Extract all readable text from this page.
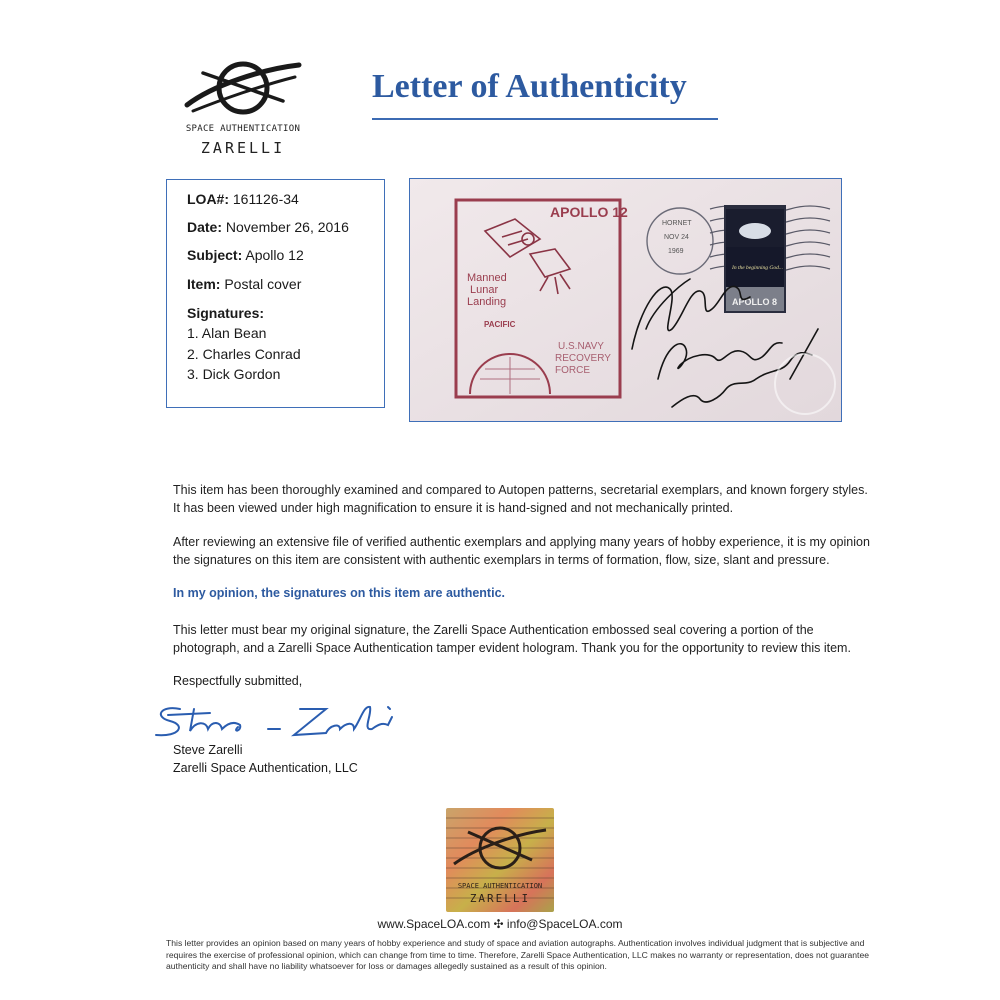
SPACE AUTHENTICATION
ZARELLI
Letter of Authenticity
LOA#: 161126-34
Date: November 26, 2016
Subject: Apollo 12
Item: Postal cover
Signatures:
1. Alan Bean
2. Charles Conrad
3. Dick Gordon
APOLLO 12
Manned
Lunar
Landing
PACIFIC
U.S.NAVY
RECOVERY
FORCE
HORNET
NOV 24
1969
In the beginning God...
APOLLO 8
This item has been thoroughly examined and compared to Autopen patterns, secretarial exemplars, and known forgery styles.
It has been viewed under high magnification to ensure it is hand-signed and not mechanically printed.
After reviewing an extensive file of verified authentic exemplars and applying many years of hobby experience, it is my opinion
the signatures on this item are consistent with authentic exemplars in terms of formation, flow, size, slant and pressure.
In my opinion, the signatures on this item are authentic.
This letter must bear my original signature, the Zarelli Space Authentication embossed seal covering a portion of the
photograph, and a Zarelli Space Authentication tamper evident hologram. Thank you for the opportunity to review this item.
Respectfully submitted,
Steve Zarelli
Zarelli Space Authentication, LLC
SPACE AUTHENTICATION
ZARELLI
www.SpaceLOA.com ✣ info@SpaceLOA.com
This letter provides an opinion based on many years of hobby experience and study of space and aviation autographs. Authentication involves individual judgment that is subjective and
requires the exercise of professional opinion, which can change from time to time. Therefore, Zarelli Space Authentication, LLC makes no warranty or representation, does not guarantee
authenticity and shall have no liability whatsoever for loss or damages allegedly sustained as a result of this opinion.
